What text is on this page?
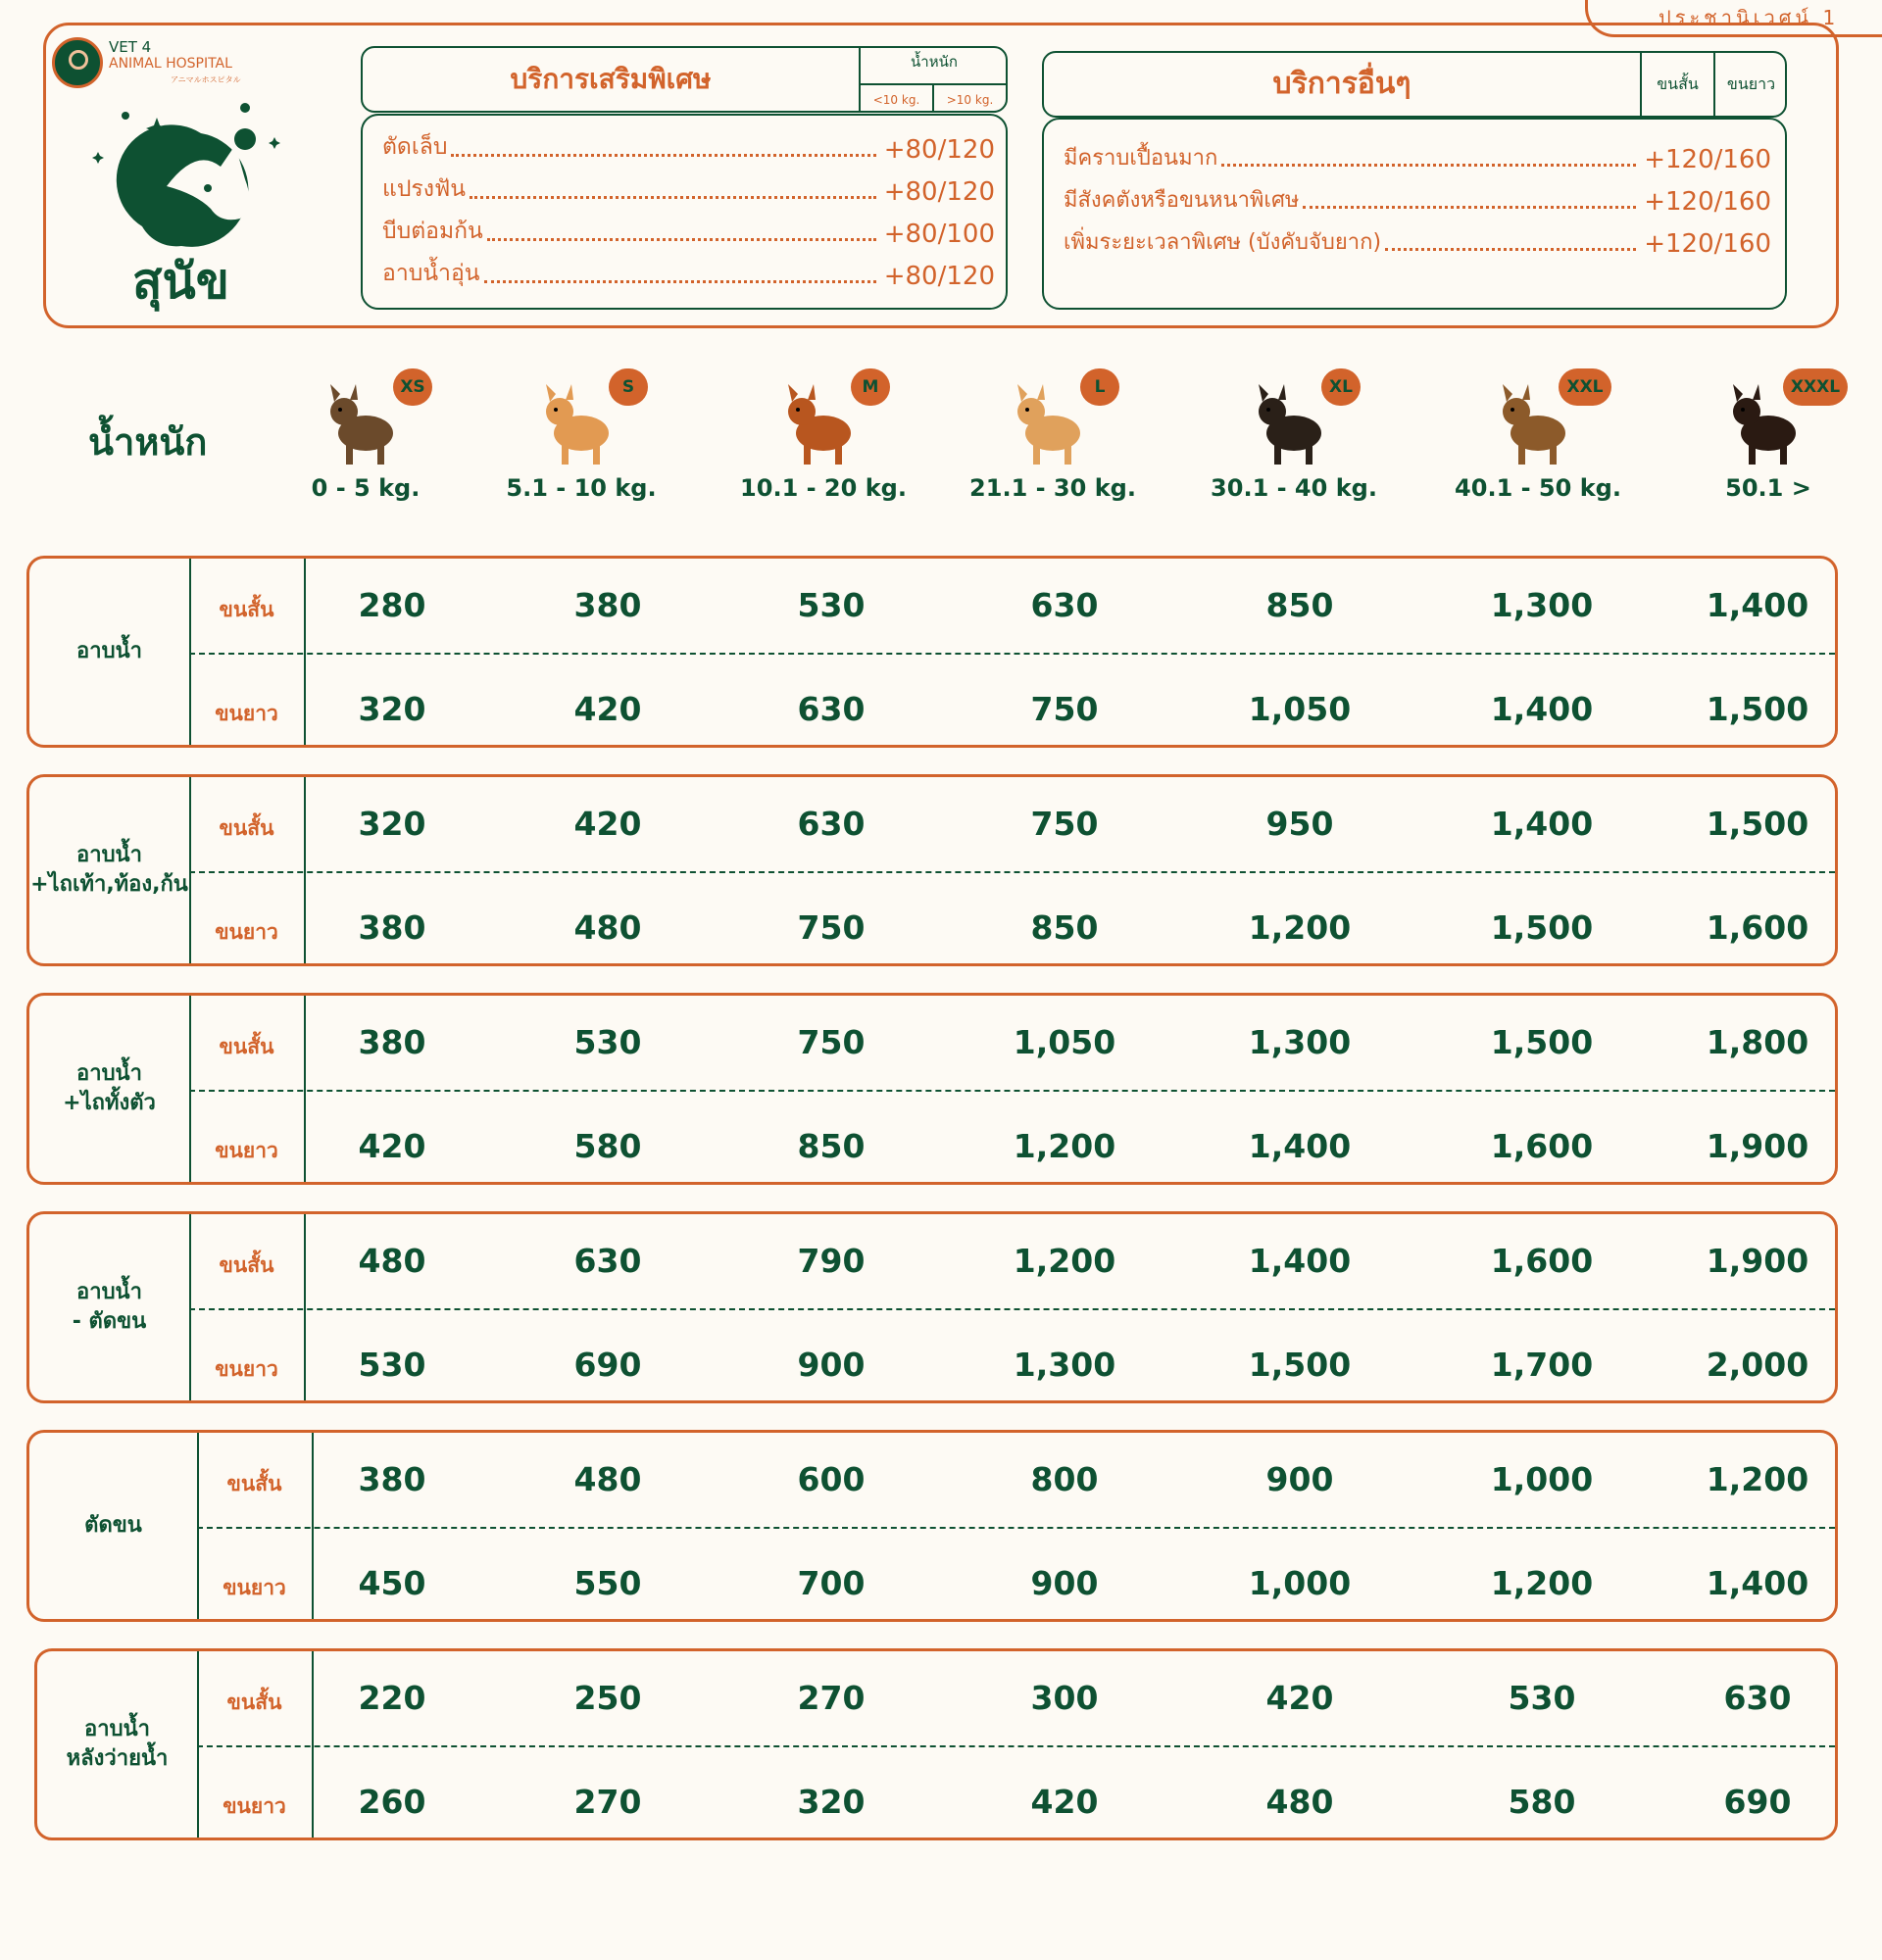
ประชานิเวศน์ 1
VET 4
ANIMAL HOSPITAL
アニマルホスピタル
สุนัข
บริการเสริมพิเศษ
น้ำหนัก
<10 kg.	>10 kg.
ตัดเล็บ	+80/120
แปรงฟัน	+80/120
บีบต่อมก้น	+80/100
อาบน้ำอุ่น	+80/120
บริการอื่นๆ	ขนสั้น	ขนยาว
มีคราบเปื้อนมาก	+120/160
มีสังคตังหรือขนหนาพิเศษ	+120/160
เพิ่มระยะเวลาพิเศษ (บังคับจับยาก)	+120/160
น้ำหนัก
XS
0 - 5 kg.
S
5.1 - 10 kg.
M
10.1 - 20 kg.
L
21.1 - 30 kg.
XL
30.1 - 40 kg.
XXL
40.1 - 50 kg.
XXXL
50.1 >
อาบน้ำ
ขนสั้น	280	380	530	630	850	1,300	1,400
ขนยาว	320	420	630	750	1,050	1,400	1,500
อาบน้ำ
+ไถเท้า,ท้อง,ก้น
ขนสั้น	320	420	630	750	950	1,400	1,500
ขนยาว	380	480	750	850	1,200	1,500	1,600
อาบน้ำ
+ไถทั้งตัว
ขนสั้น	380	530	750	1,050	1,300	1,500	1,800
ขนยาว	420	580	850	1,200	1,400	1,600	1,900
อาบน้ำ
- ตัดขน
ขนสั้น	480	630	790	1,200	1,400	1,600	1,900
ขนยาว	530	690	900	1,300	1,500	1,700	2,000
ตัดขน
ขนสั้น	380	480	600	800	900	1,000	1,200
ขนยาว	450	550	700	900	1,000	1,200	1,400
อาบน้ำ
หลังว่ายน้ำ
ขนสั้น	220	250	270	300	420	530	630
ขนยาว	260	270	320	420	480	580	690
